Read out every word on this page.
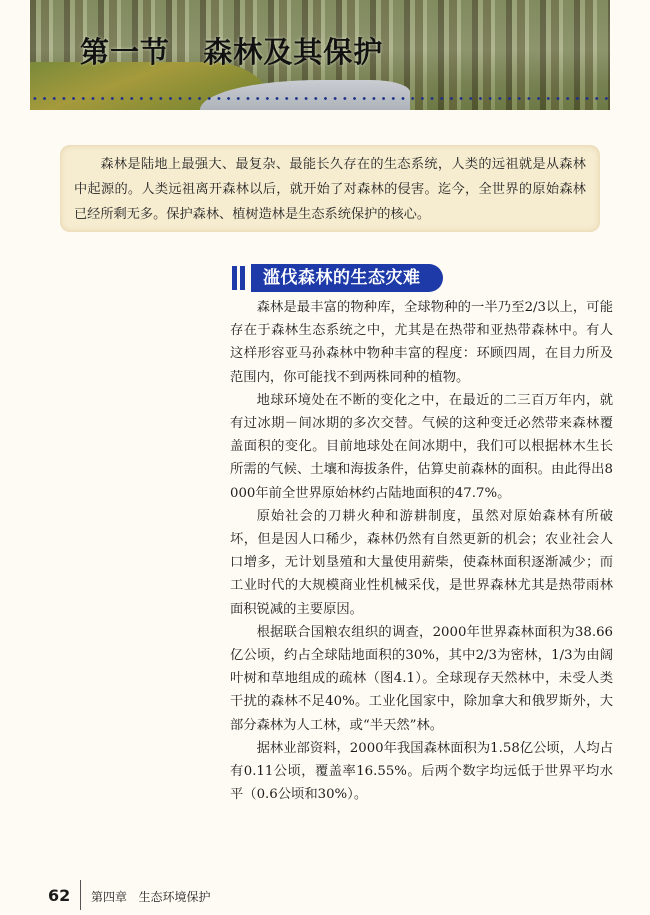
第一节   森林及其保护
森林是陆地上最强大、最复杂、最能长久存在的生态系统，人类的远祖就是从森林中起源的。人类远祖离开森林以后，就开始了对森林的侵害。迄今，全世界的原始森林已经所剩无多。保护森林、植树造林是生态系统保护的核心。
滥伐森林的生态灾难

森林是最丰富的物种库，全球物种的一半乃至2/3以上，可能存在于森林生态系统之中，尤其是在热带和亚热带森林中。有人这样形容亚马孙森林中物种丰富的程度：环顾四周，在目力所及范围内，你可能找不到两株同种的植物。

地球环境处在不断的变化之中，在最近的二三百万年内，就有过冰期－间冰期的多次交替。气候的这种变迁必然带来森林覆盖面积的变化。目前地球处在间冰期中，我们可以根据林木生长所需的气候、土壤和海拔条件，估算史前森林的面积。由此得出8 000年前全世界原始林约占陆地面积的47.7%。

原始社会的刀耕火种和游耕制度，虽然对原始森林有所破坏，但是因人口稀少，森林仍然有自然更新的机会；农业社会人口增多，无计划垦殖和大量使用薪柴，使森林面积逐渐减少；而工业时代的大规模商业性机械采伐，是世界森林尤其是热带雨林面积锐减的主要原因。

根据联合国粮农组织的调查，2000年世界森林面积为38.66亿公顷，约占全球陆地面积的30%，其中2/3为密林，1/3为由阔叶树和草地组成的疏林（图4.1）。全球现存天然林中，未受人类干扰的森林不足40%。工业化国家中，除加拿大和俄罗斯外，大部分森林为人工林，或“半天然”林。

据林业部资料，2000年我国森林面积为1.58亿公顷，人均占有0.11公顷，覆盖率16.55%。后两个数字均远低于世界平均水平（0.6公顷和30%）。

62	第四章   生态环境保护
